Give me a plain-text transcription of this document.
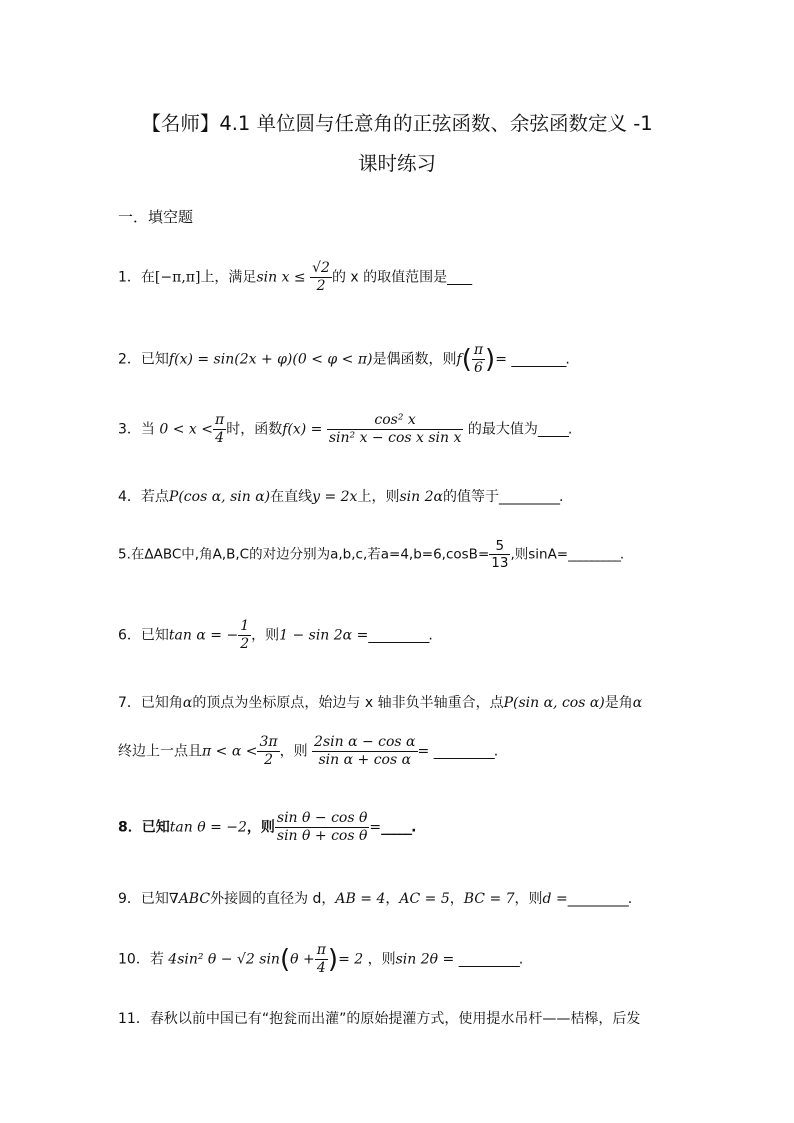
【名师】4.1 单位圆与任意角的正弦函数、余弦函数定义 -1
课时练习
一．填空题
1．在[−π,π]上，满足$\sin x \le \frac{√2}{2}$ 的 x 的取值范围是____
2．已知f(x) = sin(2x + φ)(0 < φ < π)是偶函数，则$f( \frac{\pi}{6}$ )= _________.
3．当 $0 < x < \frac{\pi}{4}$ 时，函数$f(x) = \frac{\text{cos² x}}{\text{sin² x − cos x sin x}}$ 的最大值为_____.
4．若点P(cos α, sin α)在直线y = 2x上，则sin 2α的值等于__________.
5.在ΔABC中,角A,B,C的对边分别为a,b,c,若$a=4,b=6,\cos B= \frac{5}{13}$ ,则sinA=_________.
6．已知tan α = − $\frac{1}{2}$ ，则1 − sin 2α =__________.
7．已知角α的顶点为坐标原点，始边与 x 轴非负半轴重合，点P(sin α, cos α)是角α
终边上一点且$\pi < \alpha < \frac{3\pi}{2}$ ，则 $\frac{\text{2sin α − cos α}}{\text{sin α + cos α}}$ = __________.
8．已知tan θ = −2，则 $\frac{\text{sin θ − cos θ}}{\text{sin θ + cos θ}}$ =_____.
9．已知∇ABC外接圆的直径为 d，AB = 4，AC = 5，BC = 7，则d =__________.
10．若 4sin² θ − √2 $\sin(\theta + \frac{\pi}{4}$ )= 2 ，则sin 2θ = __________.
11．春秋以前中国已有“抱瓮而出灌”的原始提灌方式，使用提水吊杆——桔槔，后发
